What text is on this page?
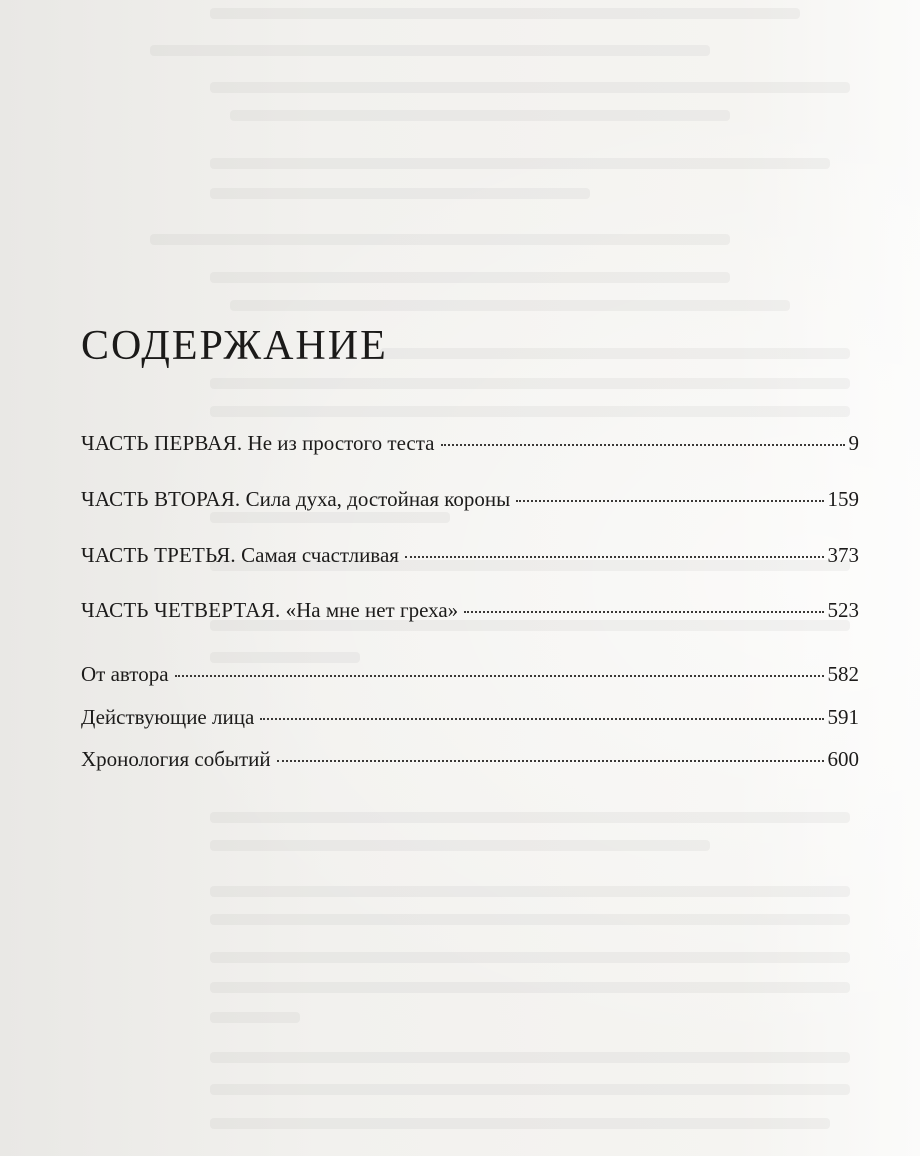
СОДЕРЖАНИЕ
ЧАСТЬ ПЕРВАЯ. Не из простого теста	9
ЧАСТЬ ВТОРАЯ. Сила духа, достойная короны	159
ЧАСТЬ ТРЕТЬЯ. Самая счастливая	373
ЧАСТЬ ЧЕТВЕРТАЯ. «На мне нет греха»	523
От автора	582
Действующие лица	591
Хронология событий	600
